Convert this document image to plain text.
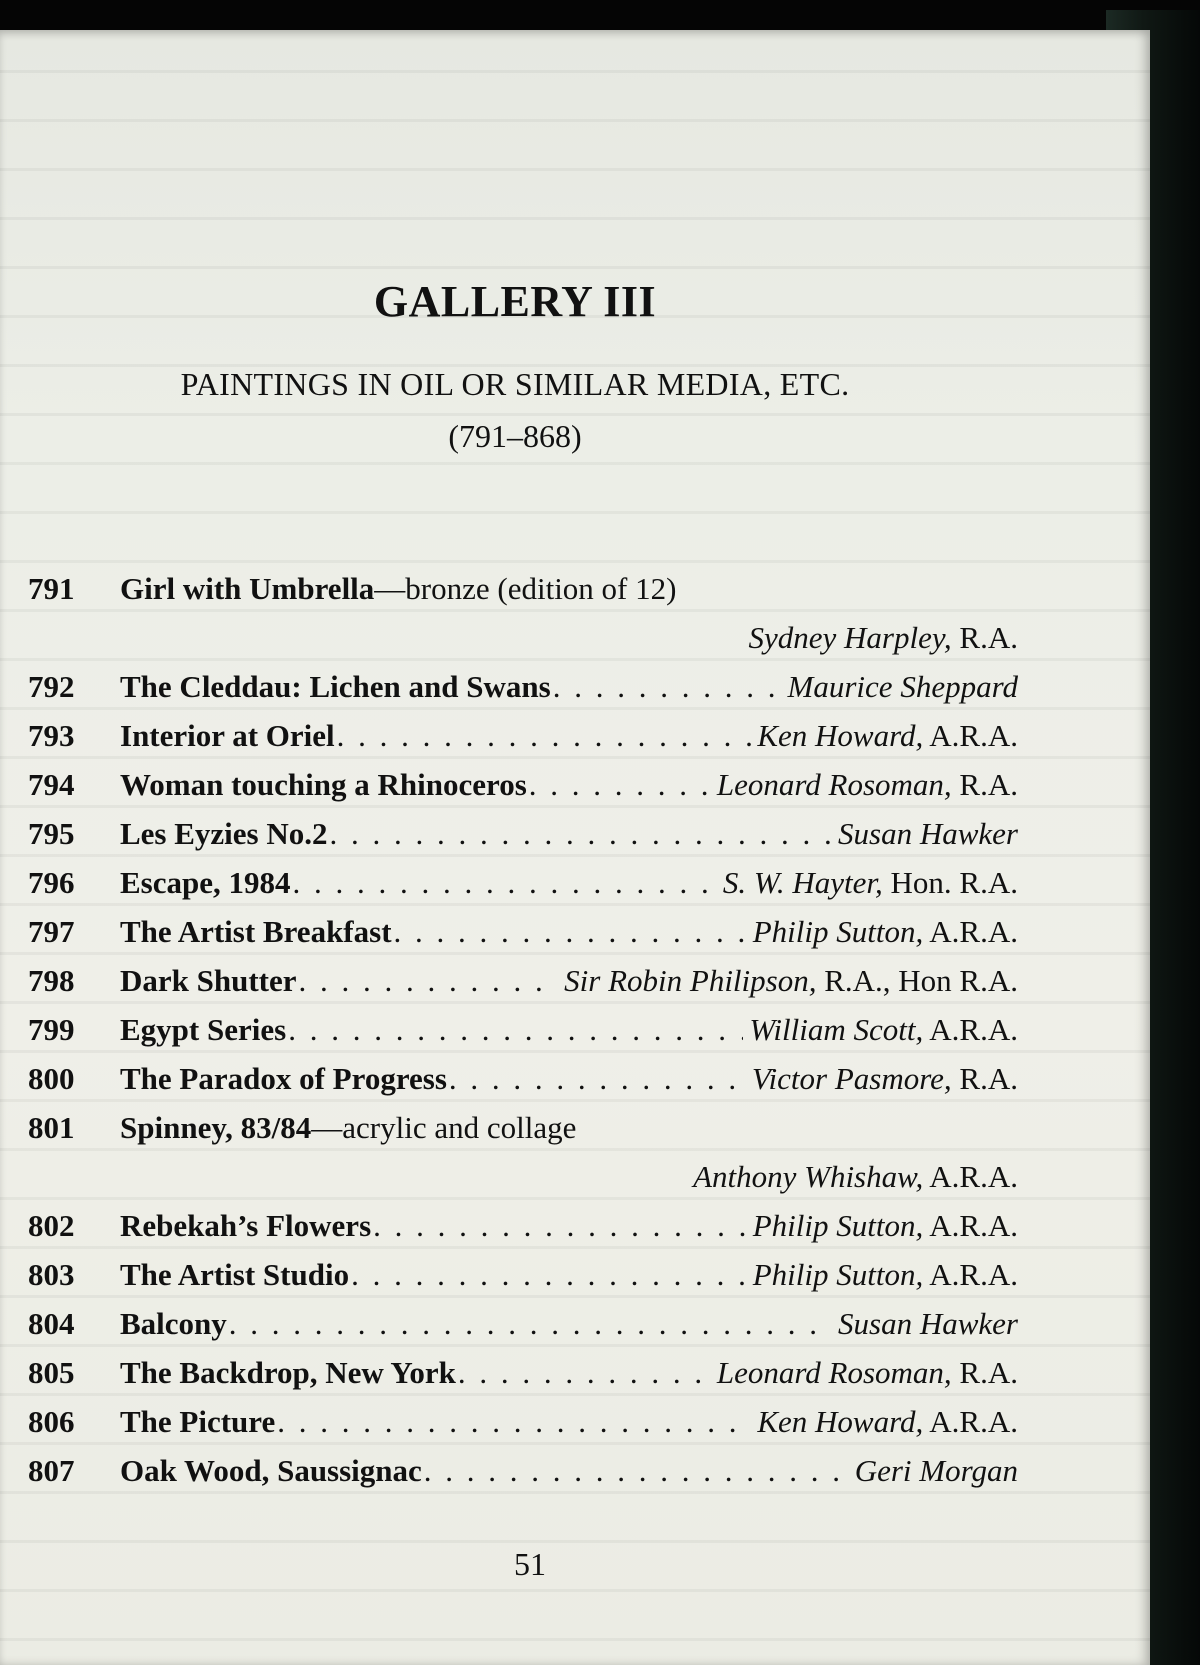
GALLERY III
PAINTINGS IN OIL OR SIMILAR MEDIA, ETC.
(791–868)
791	Girl with Umbrella —bronze (edition of 12)
Sydney Harpley, R.A.
792	The Cleddau: Lichen and Swans . . .	Maurice Sheppard
793	Interior at Oriel . . .	Ken Howard, A.R.A.
794	Woman touching a Rhinoceros . . .	Leonard Rosoman, R.A.
795	Les Eyzies No.2 . . .	Susan Hawker
796	Escape, 1984 . . .	S. W. Hayter, Hon. R.A.
797	The Artist Breakfast . . .	Philip Sutton, A.R.A.
798	Dark Shutter . . .	Sir Robin Philipson, R.A., Hon R.A.
799	Egypt Series . . .	William Scott, A.R.A.
800	The Paradox of Progress . . .	Victor Pasmore, R.A.
801	Spinney, 83/84 —acrylic and collage
Anthony Whishaw, A.R.A.
802	Rebekah’s Flowers . . .	Philip Sutton, A.R.A.
803	The Artist Studio . . .	Philip Sutton, A.R.A.
804	Balcony . . .	Susan Hawker
805	The Backdrop, New York . . .	Leonard Rosoman, R.A.
806	The Picture . . .	Ken Howard, A.R.A.
807	Oak Wood, Saussignac . . .	Geri Morgan
51
